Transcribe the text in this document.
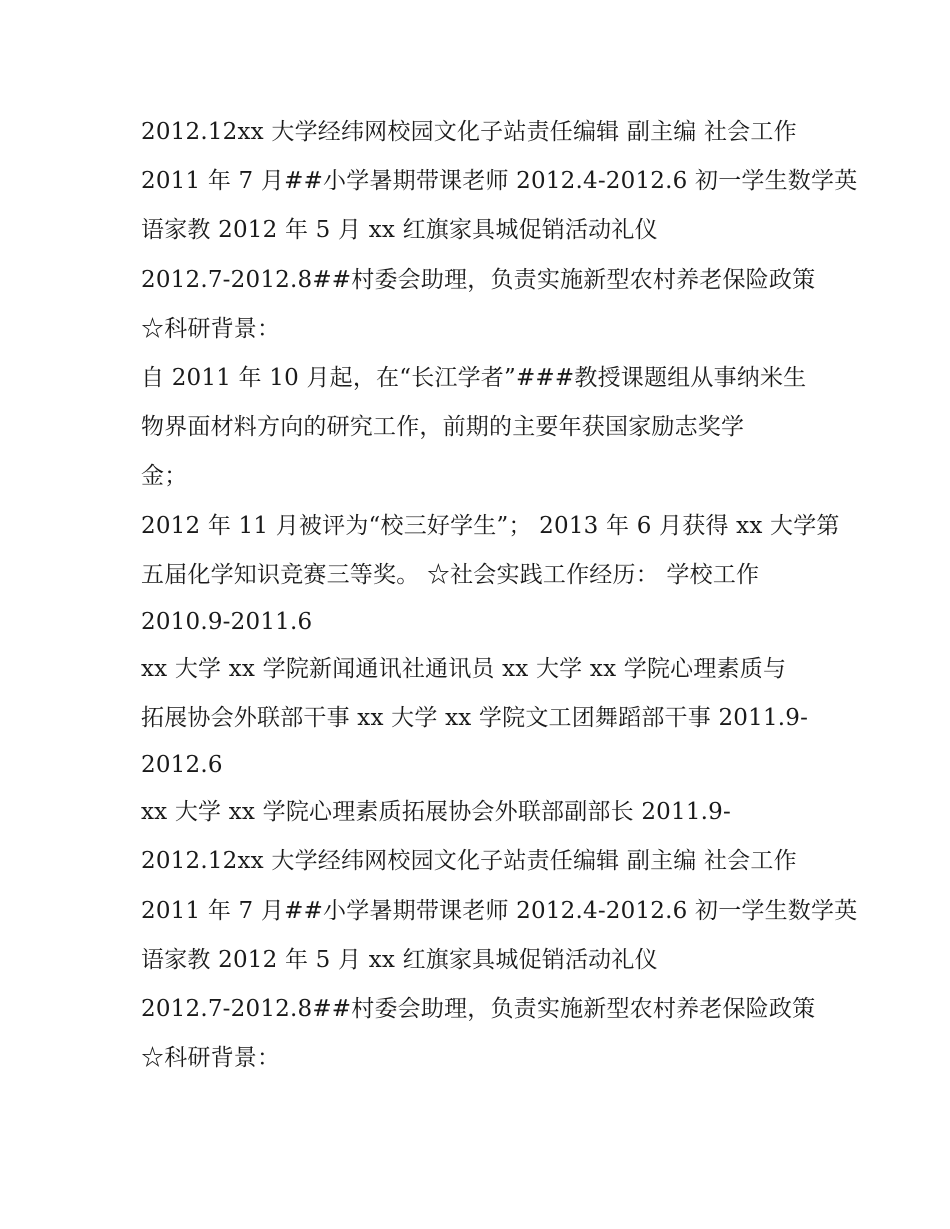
2012.12xx 大学经纬网校园文化子站责任编辑 副主编 社会工作
2011 年 7 月##小学暑期带课老师 2012.4-2012.6 初一学生数学英
语家教 2012 年 5 月 xx 红旗家具城促销活动礼仪
2012.7-2012.8##村委会助理，负责实施新型农村养老保险政策
☆科研背景：
自 2011 年 10 月起，在“长江学者”###教授课题组从事纳米生
物界面材料方向的研究工作，前期的主要年获国家励志奖学
金；
2012 年 11 月被评为“校三好学生”； 2013 年 6 月获得 xx 大学第
五届化学知识竞赛三等奖。 ☆社会实践工作经历： 学校工作
2010.9-2011.6
xx 大学 xx 学院新闻通讯社通讯员 xx 大学 xx 学院心理素质与
拓展协会外联部干事 xx 大学 xx 学院文工团舞蹈部干事 2011.9-
2012.6
xx 大学 xx 学院心理素质拓展协会外联部副部长 2011.9-
2012.12xx 大学经纬网校园文化子站责任编辑 副主编 社会工作
2011 年 7 月##小学暑期带课老师 2012.4-2012.6 初一学生数学英
语家教 2012 年 5 月 xx 红旗家具城促销活动礼仪
2012.7-2012.8##村委会助理，负责实施新型农村养老保险政策
☆科研背景：
